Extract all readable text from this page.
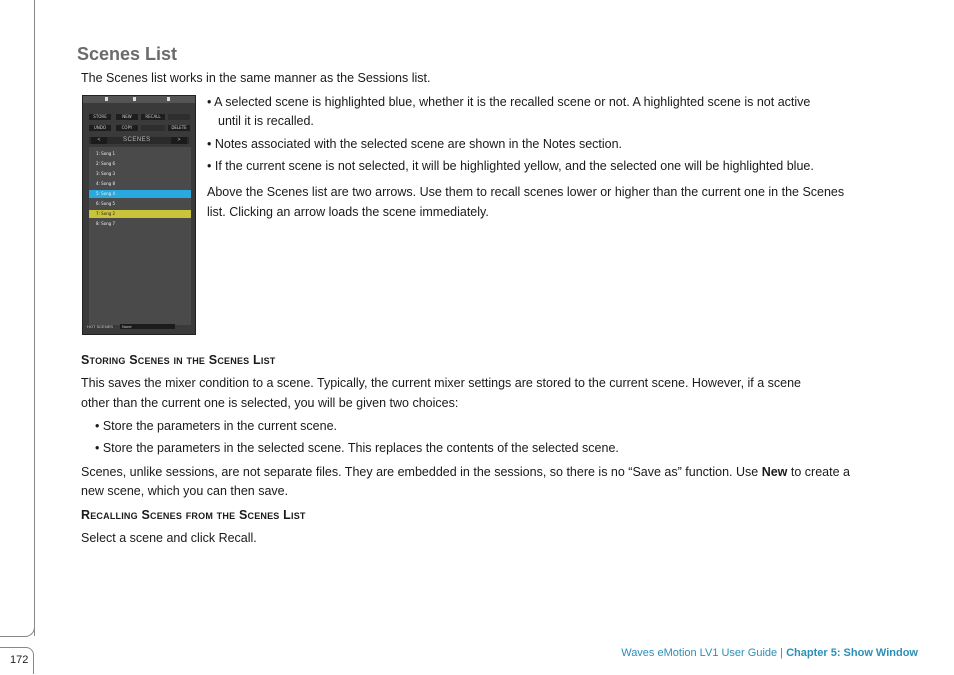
172
Scenes List

The Scenes list works in the same manner as the Sessions list.

STORE	NEW	RECALL
UNDO	COPY	DELETE
<	SCENES	>
1: Song 1
2: Song 6
3: Song 3
4: Song 8
5: Song 4
6: Song 5
7: Song 2
8: Song 7
HOT SCENES None

• A selected scene is highlighted blue, whether it is the recalled scene or not. A highlighted scene is not active

until it is recalled.

• Notes associated with the selected scene are shown in the Notes section.

• If the current scene is not selected, it will be highlighted yellow, and the selected one will be highlighted blue.

Above the Scenes list are two arrows. Use them to recall scenes lower or higher than the current one in the Scenes

list. Clicking an arrow loads the scene immediately.

Storing Scenes in the Scenes List

This saves the mixer condition to a scene. Typically, the current mixer settings are stored to the current scene. However, if a scene

other than the current one is selected, you will be given two choices:

• Store the parameters in the current scene.

• Store the parameters in the selected scene. This replaces the contents of the selected scene.

Scenes, unlike sessions, are not separate files. They are embedded in the sessions, so there is no “Save as” function. Use New to create a

new scene, which you can then save.

Recalling Scenes from the Scenes List

Select a scene and click Recall.

Waves eMotion LV1 User Guide | Chapter 5: Show Window
